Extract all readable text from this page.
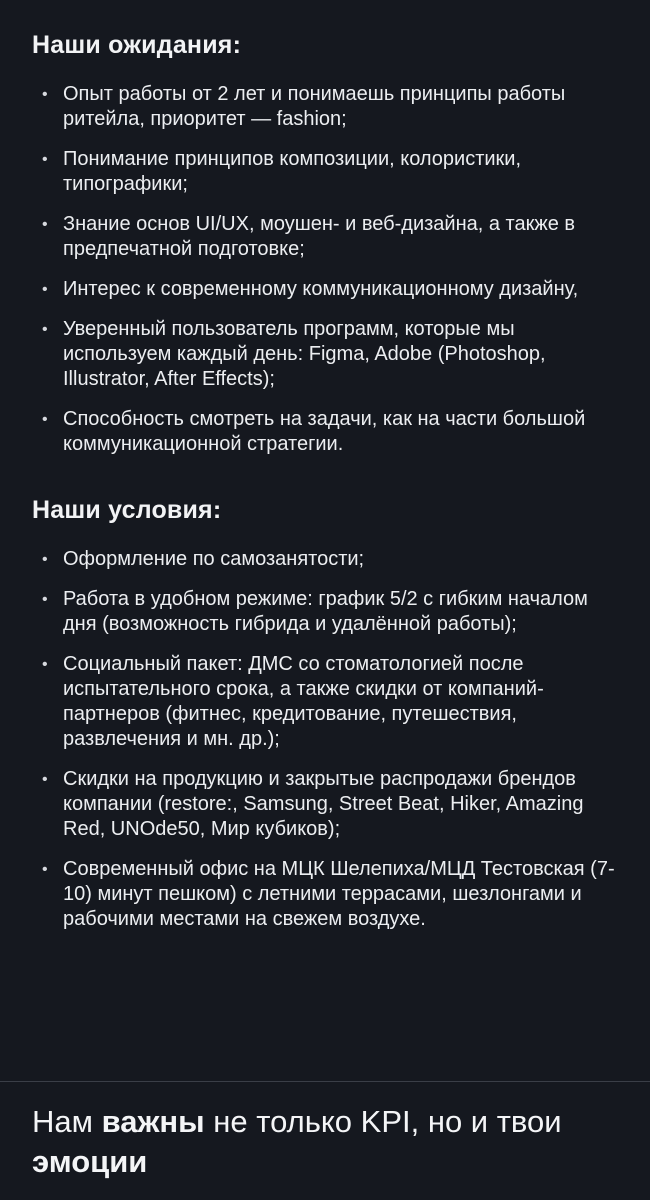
Наши ожидания:
• Опыт работы от 2 лет и понимаешь принципы работы ритейла, приоритет — fashion;
• Понимание принципов композиции, колористики, типографики;
• Знание основ UI/UX, моушен- и веб-дизайна, а также в предпечатной подготовке;
• Интерес к современному коммуникационному дизайну,
• Уверенный пользователь программ, которые мы используем каждый день: Figma, Adobe (Photoshop, Illustrator, After Effects);
• Способность смотреть на задачи, как на части большой коммуникационной стратегии.
Наши условия:
• Оформление по самозанятости;
• Работа в удобном режиме: график 5/2 с гибким началом дня (возможность гибрида и удалённой работы);
• Социальный пакет: ДМС со стоматологией после испытательного срока, а также скидки от компаний-партнеров (фитнес, кредитование, путешествия, развлечения и мн. др.);
• Скидки на продукцию и закрытые распродажи брендов компании (restore:, Samsung, Street Beat, Hiker, Amazing Red, UNOde50, Мир кубиков);
• Современный офис на МЦК Шелепиха/МЦД Тестовская (7-10) минут пешком) с летними террасами, шезлонгами и рабочими местами на свежем воздухе.

Нам важны не только KPI, но и твои эмоции
